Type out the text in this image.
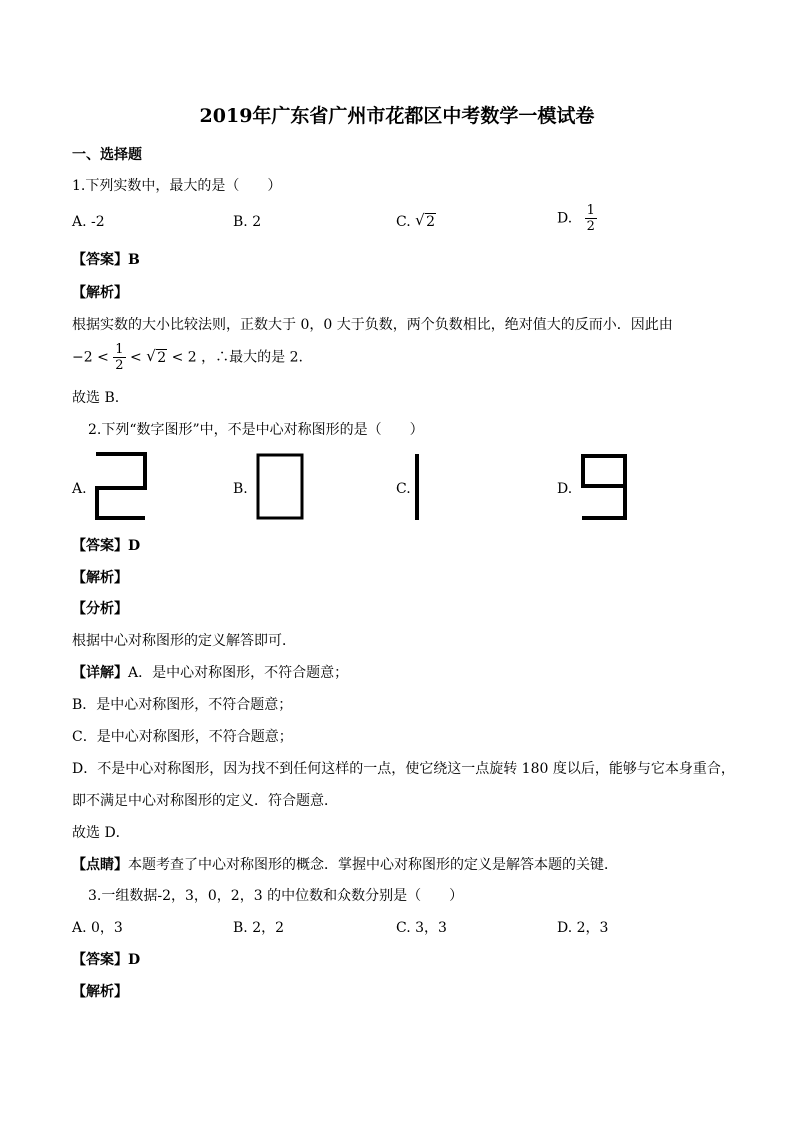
2019年广东省广州市花都区中考数学一模试卷
一、选择题
1.下列实数中，最大的是（　　）
A. -2	B. 2	C. √ 2	D. $\frac{1}{2}$
【答案】B
【解析】
根据实数的大小比较法则，正数大于 0，0 大于负数，两个负数相比，绝对值大的反而小．因此由
$-2 < \frac{1}{2}$ < √ 2 < 2 ，∴最大的是 2.
故选 B.
2.下列“数字图形”中，不是中心对称图形的是（　　）
A.	B.	C.	D.
【答案】D
【解析】
【分析】
根据中心对称图形的定义解答即可．
【详解】A．是中心对称图形，不符合题意；
B．是中心对称图形，不符合题意；
C．是中心对称图形，不符合题意；
D．不是中心对称图形，因为找不到任何这样的一点，使它绕这一点旋转 180 度以后，能够与它本身重合，
即不满足中心对称图形的定义．符合题意．
故选 D．
【点睛】本题考查了中心对称图形的概念．掌握中心对称图形的定义是解答本题的关键．
3.一组数据-2，3，0，2，3 的中位数和众数分别是（　　）
A. 0，3	B. 2，2	C. 3，3	D. 2，3
【答案】D
【解析】
